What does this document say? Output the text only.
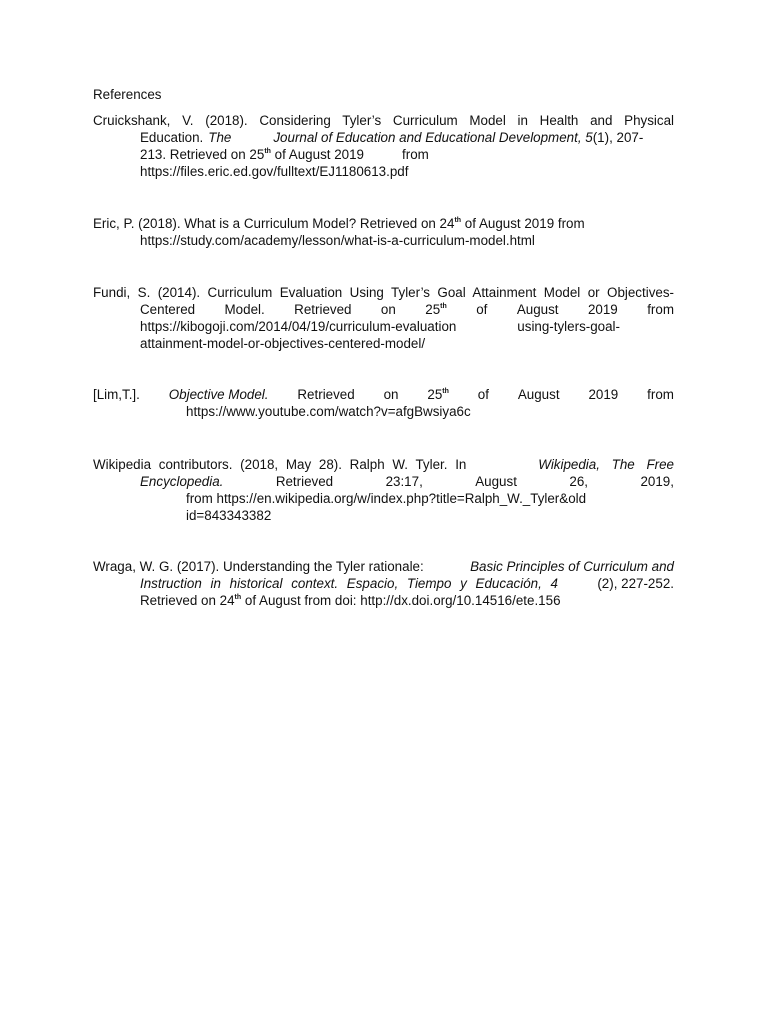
References
Cruickshank, V. (2018). Considering Tyler’s Curriculum Model in Health and Physical
Education. The	Journal of Education and Educational Development, 5 (1), 207-
213. Retrieved on 25th of August 2019	from
https://files.eric.ed.gov/fulltext/EJ1180613.pdf
Eric, P. (2018). What is a Curriculum Model? Retrieved on 24th of August 2019 from
https://study.com/academy/lesson/what-is-a-curriculum-model.html
Fundi, S. (2014). Curriculum Evaluation Using Tyler’s Goal Attainment Model or Objectives-
Centered Model. Retrieved on 25th of August 2019 from
https://kibogoji.com/2014/04/19/curriculum-evaluation	using-tylers-goal-
attainment-model-or-objectives-centered-model/
[Lim,T.]. Objective Model. Retrieved on 25th of August 2019 from
https://www.youtube.com/watch?v=afgBwsiya6c
Wikipedia contributors. (2018, May 28). Ralph W. Tyler. In	Wikipedia, The Free
Encyclopedia.	Retrieved	23:17,	August	26,	2019,
from https://en.wikipedia.org/w/index.php?title=Ralph_W._Tyler&old
id=843343382
Wraga, W. G. (2017). Understanding the Tyler rationale:	Basic Principles of Curriculum and
Instruction in historical context. Espacio, Tiempo y Educación, 4	(2), 227-252.
Retrieved on 24th of August from doi: http://dx.doi.org/10.14516/ete.156
